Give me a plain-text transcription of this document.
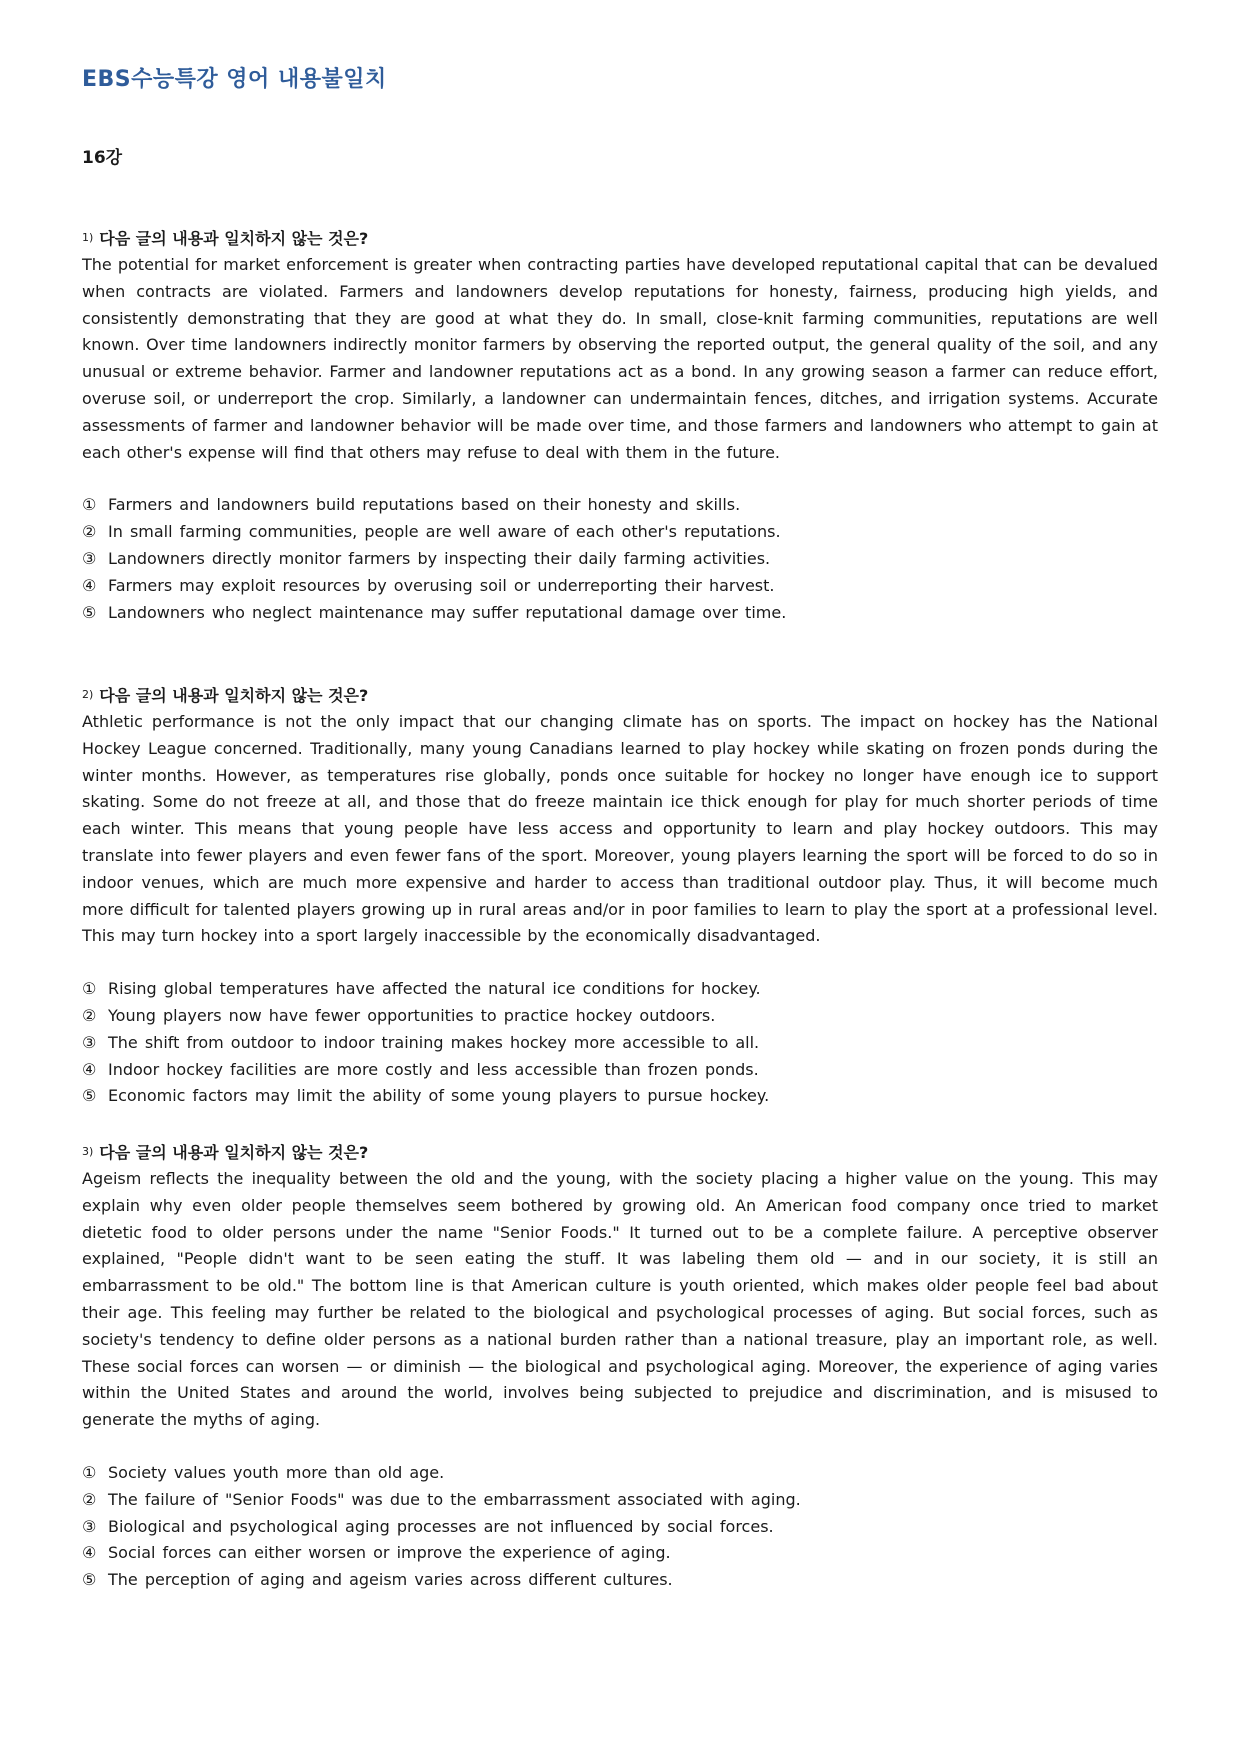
EBS수능특강 영어 내용불일치
16강
$^{1)}$ 다음 글의 내용과 일치하지 않는 것은?

The potential for market enforcement is greater when contracting parties have developed reputational capital that can be devalued when contracts are violated. Farmers and landowners develop reputations for honesty, fairness, producing high yields, and consistently demonstrating that they are good at what they do. In small, close-knit farming communities, reputations are well known. Over time landowners indirectly monitor farmers by observing the reported output, the general quality of the soil, and any unusual or extreme behavior. Farmer and landowner reputations act as a bond. In any growing season a farmer can reduce effort, overuse soil, or underreport the crop. Similarly, a landowner can undermaintain fences, ditches, and irrigation systems. Accurate assessments of farmer and landowner behavior will be made over time, and those farmers and landowners who attempt to gain at each other's expense will find that others may refuse to deal with them in the future.

① Farmers and landowners build reputations based on their honesty and skills.
② In small farming communities, people are well aware of each other's reputations.
③ Landowners directly monitor farmers by inspecting their daily farming activities.
④ Farmers may exploit resources by overusing soil or underreporting their harvest.
⑤ Landowners who neglect maintenance may suffer reputational damage over time.
$^{2)}$ 다음 글의 내용과 일치하지 않는 것은?

Athletic performance is not the only impact that our changing climate has on sports. The impact on hockey has the National Hockey League concerned. Traditionally, many young Canadians learned to play hockey while skating on frozen ponds during the winter months. However, as temperatures rise globally, ponds once suitable for hockey no longer have enough ice to support skating. Some do not freeze at all, and those that do freeze maintain ice thick enough for play for much shorter periods of time each winter. This means that young people have less access and opportunity to learn and play hockey outdoors. This may translate into fewer players and even fewer fans of the sport. Moreover, young players learning the sport will be forced to do so in indoor venues, which are much more expensive and harder to access than traditional outdoor play. Thus, it will become much more difficult for talented players growing up in rural areas and/or in poor families to learn to play the sport at a professional level. This may turn hockey into a sport largely inaccessible by the economically disadvantaged.

① Rising global temperatures have affected the natural ice conditions for hockey.
② Young players now have fewer opportunities to practice hockey outdoors.
③ The shift from outdoor to indoor training makes hockey more accessible to all.
④ Indoor hockey facilities are more costly and less accessible than frozen ponds.
⑤ Economic factors may limit the ability of some young players to pursue hockey.
$^{3)}$ 다음 글의 내용과 일치하지 않는 것은?

Ageism reflects the inequality between the old and the young, with the society placing a higher value on the young. This may explain why even older people themselves seem bothered by growing old. An American food company once tried to market dietetic food to older persons under the name "Senior Foods." It turned out to be a complete failure. A perceptive observer explained, "People didn't want to be seen eating the stuff. It was labeling them old — and in our society, it is still an embarrassment to be old." The bottom line is that American culture is youth oriented, which makes older people feel bad about their age. This feeling may further be related to the biological and psychological processes of aging. But social forces, such as society's tendency to define older persons as a national burden rather than a national treasure, play an important role, as well. These social forces can worsen — or diminish — the biological and psychological aging. Moreover, the experience of aging varies within the United States and around the world, involves being subjected to prejudice and discrimination, and is misused to generate the myths of aging.

① Society values youth more than old age.
② The failure of "Senior Foods" was due to the embarrassment associated with aging.
③ Biological and psychological aging processes are not influenced by social forces.
④ Social forces can either worsen or improve the experience of aging.
⑤ The perception of aging and ageism varies across different cultures.
